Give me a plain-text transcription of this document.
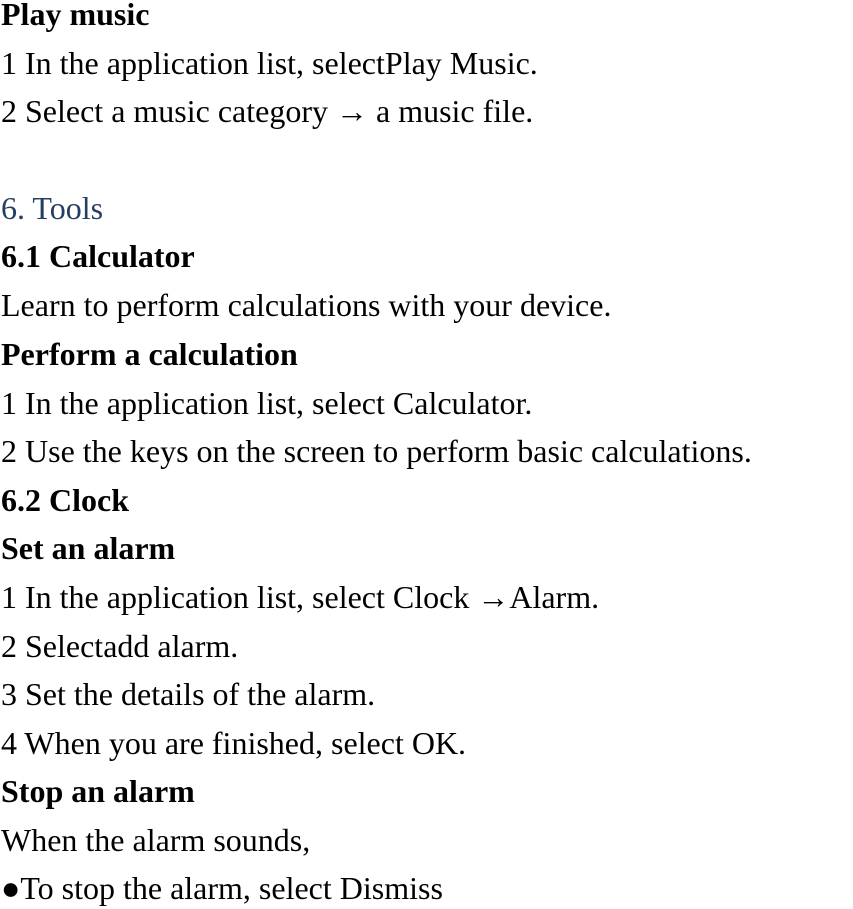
Play music

1 In the application list, selectPlay Music.

2 Select a music category → a music file.

6. Tools

6.1 Calculator

Learn to perform calculations with your device.

Perform a calculation

1 In the application list, select Calculator.

2 Use the keys on the screen to perform basic calculations.

6.2 Clock

Set an alarm

1 In the application list, select Clock →Alarm.

2 Selectadd alarm.

3 Set the details of the alarm.

4 When you are finished, select OK.

Stop an alarm

When the alarm sounds,

●To stop the alarm, select Dismiss
